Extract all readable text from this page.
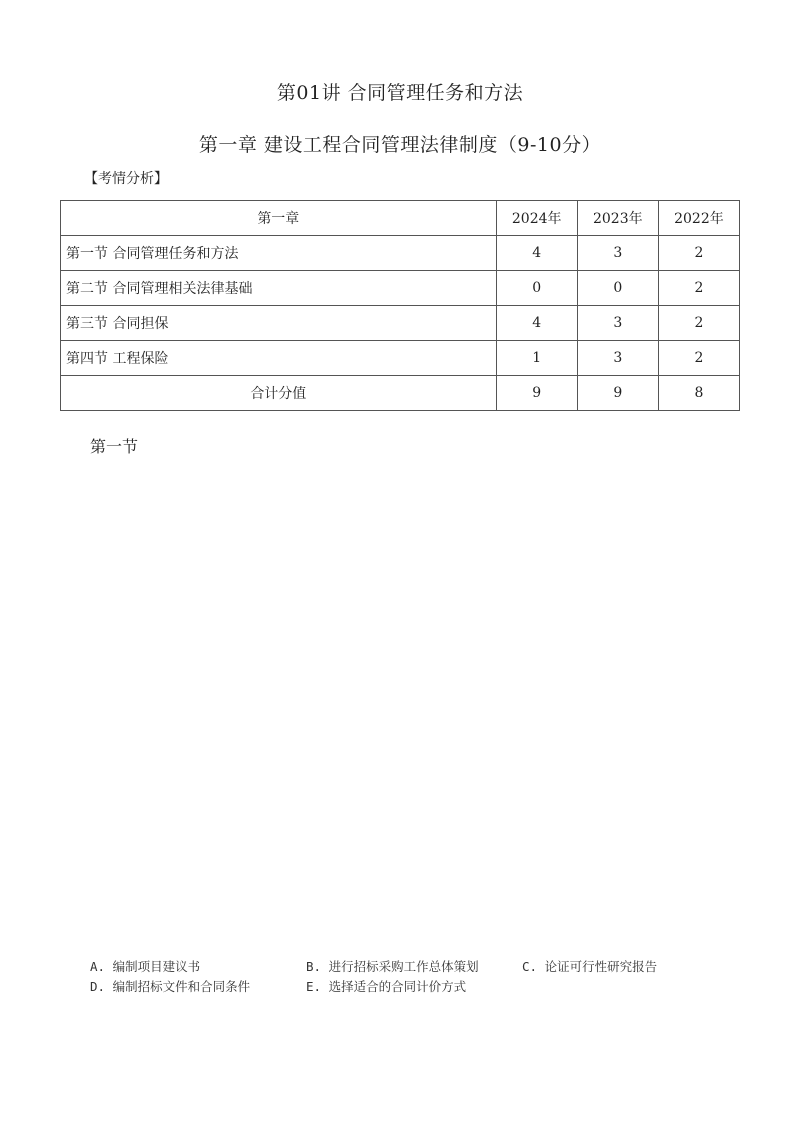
第01讲 合同管理任务和方法
第一章 建设工程合同管理法律制度（9-10分）
【考情分析】
第一章	2024年	2023年	2022年
第一节 合同管理任务和方法	4	3	2
第二节 合同管理相关法律基础	0	0	2
第三节 合同担保	4	3	2
第四节 工程保险	1	3	2
合计分值	9	9	8
第一节
A. 编制项目建议书	B. 进行招标采购工作总体策划	C. 论证可行性研究报告
D. 编制招标文件和合同条件	E. 选择适合的合同计价方式
